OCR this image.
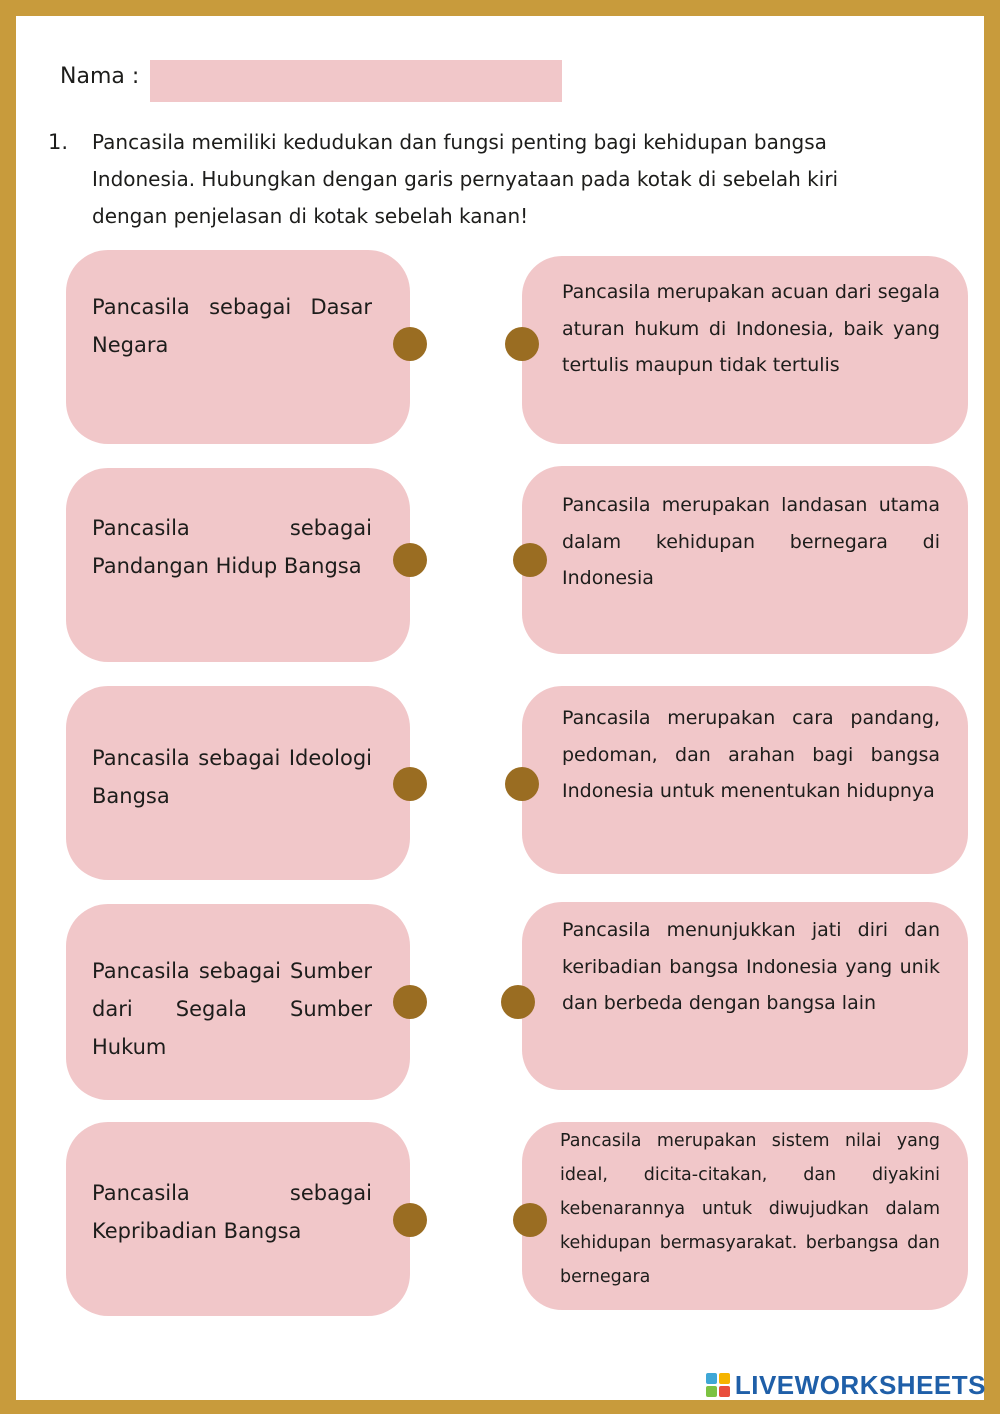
Nama :
1. Pancasila memiliki kedudukan dan fungsi penting bagi kehidupan bangsa Indonesia. Hubungkan dengan garis pernyataan pada kotak di sebelah kiri dengan penjelasan di kotak sebelah kanan!
Pancasila sebagai Dasar Negara
Pancasila merupakan acuan dari segala aturan hukum di Indonesia, baik yang tertulis maupun tidak tertulis
Pancasila sebagai Pandangan Hidup Bangsa
Pancasila merupakan landasan utama dalam kehidupan bernegara di Indonesia
Pancasila sebagai Ideologi Bangsa
Pancasila merupakan cara pandang, pedoman, dan arahan bagi bangsa Indonesia untuk menentukan hidupnya
Pancasila sebagai Sumber dari Segala Sumber Hukum
Pancasila menunjukkan jati diri dan keribadian bangsa Indonesia yang unik dan berbeda dengan bangsa lain
Pancasila sebagai Kepribadian Bangsa
Pancasila merupakan sistem nilai yang ideal, dicita-citakan, dan diyakini kebenarannya untuk diwujudkan dalam kehidupan bermasyarakat. berbangsa dan bernegara
LIVEWORKSHEETS
